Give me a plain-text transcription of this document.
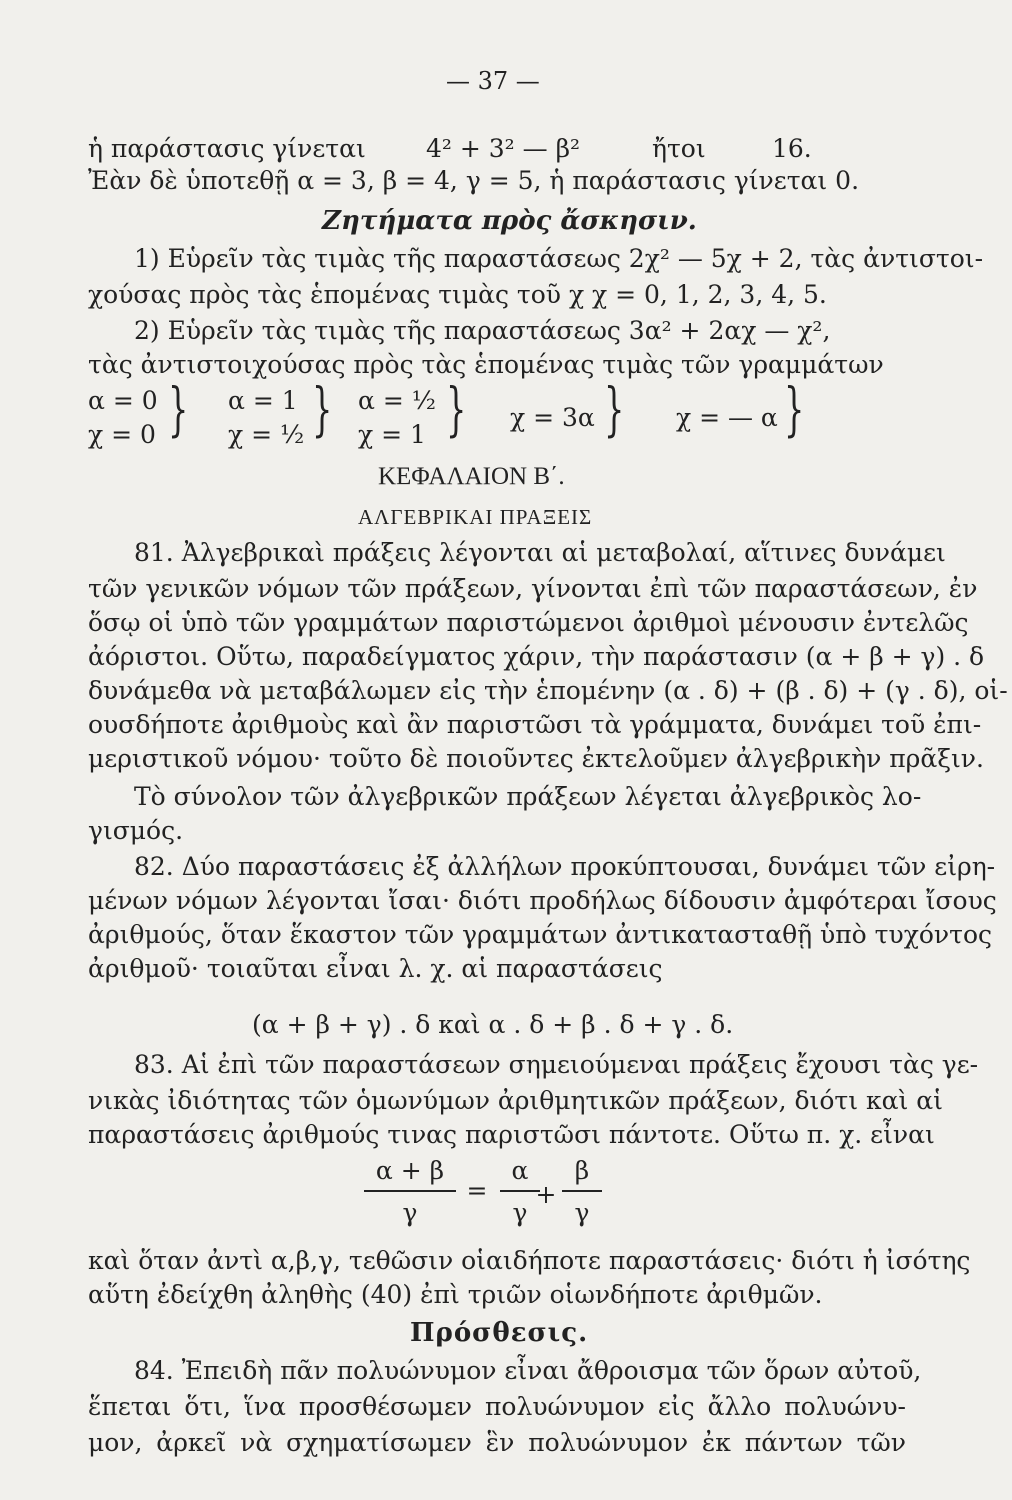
— 37 —
ἡ παράστασις γίνεται 4² + 3² — β²	ἤτοι	16.
Ἐὰν δὲ ὑποτεθῇ α = 3, β = 4, γ = 5, ἡ παράστασις γίνεται 0.
Ζητήματα πρὸς ἄσκησιν.
1) Εὑρεῖν τὰς τιμὰς τῆς παραστάσεως 2χ² — 5χ + 2, τὰς ἀντιστοι-
χούσας πρὸς τὰς ἑπομένας τιμὰς τοῦ χ χ = 0, 1, 2, 3, 4, 5.
2) Εὑρεῖν τὰς τιμὰς τῆς παραστάσεως 3α² + 2αχ — χ²,
τὰς ἀντιστοιχούσας πρὸς τὰς ἑπομένας τιμὰς τῶν γραμμάτων
α = 0
χ = 0 } α = 1
χ = ½ } α = ½
χ = 1 } χ = 3α } χ = — α }
ΚΕΦΑΛΑΙΟΝ Β΄.
ΑΛΓΕΒΡΙΚΑΙ ΠΡΑΞΕΙΣ
81. Ἀλγεβρικαὶ πράξεις λέγονται αἱ μεταβολαί, αἵτινες δυνάμει
τῶν γενικῶν νόμων τῶν πράξεων, γίνονται ἐπὶ τῶν παραστάσεων, ἐν
ὅσῳ οἱ ὑπὸ τῶν γραμμάτων παριστώμενοι ἀριθμοὶ μένουσιν ἐντελῶς
ἀόριστοι. Οὕτω, παραδείγματος χάριν, τὴν παράστασιν (α + β + γ) . δ
δυνάμεθα νὰ μεταβάλωμεν εἰς τὴν ἑπομένην (α . δ) + (β . δ) + (γ . δ), οἱ-
ουσδήποτε ἀριθμοὺς καὶ ἂν παριστῶσι τὰ γράμματα, δυνάμει τοῦ ἐπι-
μεριστικοῦ νόμου· τοῦτο δὲ ποιοῦντες ἐκτελοῦμεν ἀλγεβρικὴν πρᾶξιν.
Τὸ σύνολον τῶν ἀλγεβρικῶν πράξεων λέγεται ἀλγεβρικὸς λο-
γισμός.
82. Δύο παραστάσεις ἐξ ἀλλήλων προκύπτουσαι, δυνάμει τῶν εἰρη-
μένων νόμων λέγονται ἴσαι· διότι προδήλως δίδουσιν ἀμφότεραι ἴσους
ἀριθμούς, ὅταν ἕκαστον τῶν γραμμάτων ἀντικατασταθῇ ὑπὸ τυχόντος
ἀριθμοῦ· τοιαῦται εἶναι λ. χ. αἱ παραστάσεις
(α + β + γ) . δ καὶ α . δ + β . δ + γ . δ.
83. Αἱ ἐπὶ τῶν παραστάσεων σημειούμεναι πράξεις ἔχουσι τὰς γε-
νικὰς ἰδιότητας τῶν ὁμωνύμων ἀριθμητικῶν πράξεων, διότι καὶ αἱ
παραστάσεις ἀριθμούς τινας παριστῶσι πάντοτε. Οὕτω π. χ. εἶναι
α + β
γ
=
α
γ
+
β
γ
καὶ ὅταν ἀντὶ α,β,γ, τεθῶσιν οἱαιδήποτε παραστάσεις· διότι ἡ ἰσότης
αὕτη ἐδείχθη ἀληθὴς (40) ἐπὶ τριῶν οἱωνδήποτε ἀριθμῶν.
Πρόσθεσις.
84. Ἐπειδὴ πᾶν πολυώνυμον εἶναι ἄθροισμα τῶν ὅρων αὐτοῦ,
ἕπεται ὅτι, ἵνα προσθέσωμεν πολυώνυμον εἰς ἄλλο πολυώνυ-
μον, ἀρκεῖ νὰ σχηματίσωμεν ἓν πολυώνυμον ἐκ πάντων τῶν
